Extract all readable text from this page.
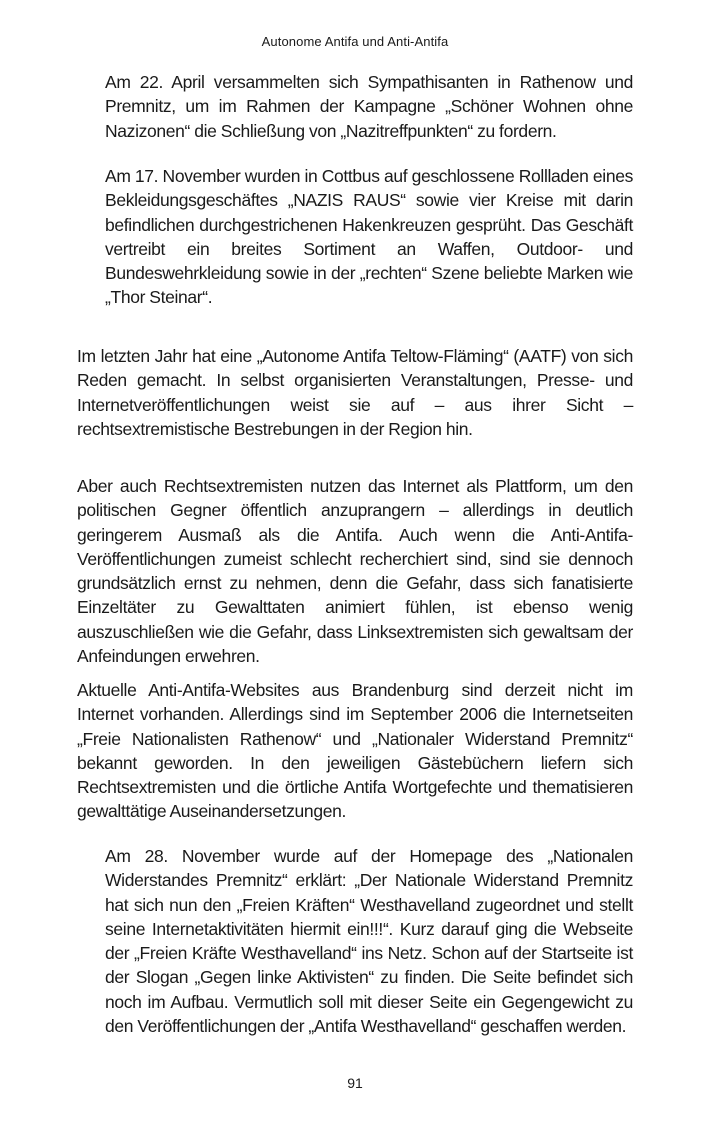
Autonome Antifa und Anti-Antifa

Am 22. April versammelten sich Sympathisanten in Rathenow und Premnitz, um im Rahmen der Kampagne „Schöner Wohnen ohne Nazizonen“ die Schließung von „Nazitreffpunkten“ zu fordern.

Am 17. November wurden in Cottbus auf geschlossene Rollladen eines Bekleidungsgeschäftes „NAZIS RAUS“ sowie vier Kreise mit darin befindlichen durchgestrichenen Hakenkreuzen gesprüht. Das Geschäft vertreibt ein breites Sortiment an Waffen, Outdoor- und Bundeswehrkleidung sowie in der „rechten“ Szene beliebte Marken wie „Thor Steinar“.

Im letzten Jahr hat eine „Autonome Antifa Teltow-Fläming“ (AATF) von sich Reden gemacht. In selbst organisierten Veranstaltungen, Presse- und Internetveröffentlichungen weist sie auf – aus ihrer Sicht – rechtsextremistische Bestrebungen in der Region hin.

Aber auch Rechtsextremisten nutzen das Internet als Plattform, um den politischen Gegner öffentlich anzuprangern – allerdings in deutlich geringerem Ausmaß als die Antifa. Auch wenn die Anti-Antifa-Veröffentlichungen zumeist schlecht recherchiert sind, sind sie dennoch grundsätzlich ernst zu nehmen, denn die Gefahr, dass sich fanatisierte Einzeltäter zu Gewalttaten animiert fühlen, ist ebenso wenig auszuschließen wie die Gefahr, dass Linksextremisten sich gewaltsam der Anfeindungen erwehren.

Aktuelle Anti-Antifa-Websites aus Brandenburg sind derzeit nicht im Internet vorhanden. Allerdings sind im September 2006 die Internetseiten „Freie Nationalisten Rathenow“ und „Nationaler Widerstand Premnitz“ bekannt geworden. In den jeweiligen Gästebüchern liefern sich Rechtsextremisten und die örtliche Antifa Wortgefechte und thematisieren gewalttätige Auseinandersetzungen.

Am 28. November wurde auf der Homepage des „Nationalen Widerstandes Premnitz“ erklärt: „Der Nationale Widerstand Premnitz hat sich nun den „Freien Kräften“ Westhavelland zugeordnet und stellt seine Internetaktivitäten hiermit ein!!!“. Kurz darauf ging die Webseite der „Freien Kräfte Westhavelland“ ins Netz. Schon auf der Startseite ist der Slogan „Gegen linke Aktivisten“ zu finden. Die Seite befindet sich noch im Aufbau. Vermutlich soll mit dieser Seite ein Gegengewicht zu den Veröffentlichungen der „Antifa Westhavelland“ geschaffen werden.

91
